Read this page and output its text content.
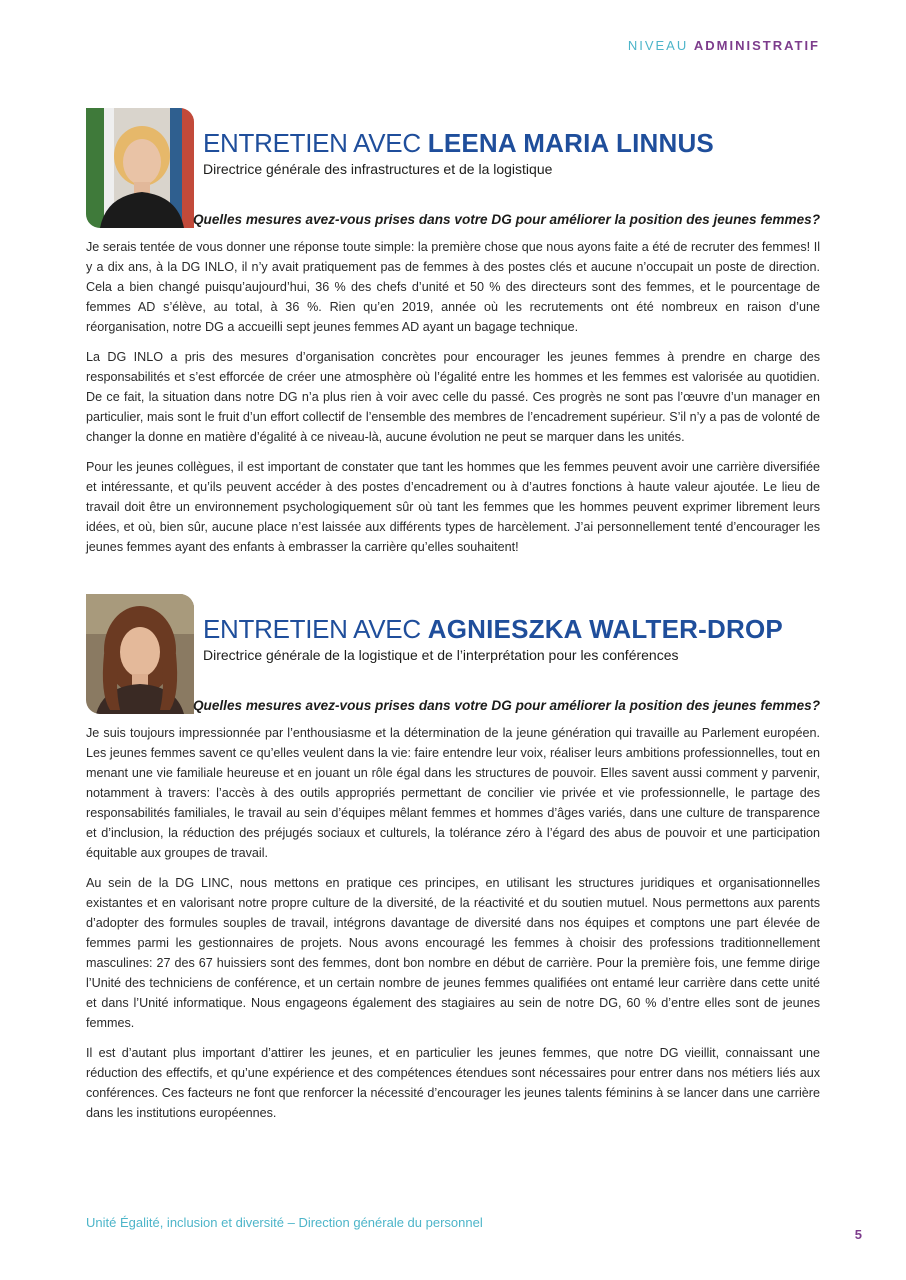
NIVEAU ADMINISTRATIF
ENTRETIEN AVEC LEENA MARIA LINNUS

Directrice générale des infrastructures et de la logistique

Quelles mesures avez-vous prises dans votre DG pour améliorer la position des jeunes femmes?

Je serais tentée de vous donner une réponse toute simple: la première chose que nous ayons faite a été de recruter des femmes! Il y a dix ans, à la DG INLO, il n’y avait pratiquement pas de femmes à des postes clés et aucune n’occupait un poste de direction. Cela a bien changé puisqu’aujourd’hui, 36 % des chefs d’unité et 50 % des directeurs sont des femmes, et le pourcentage de femmes AD s’élève, au total, à 36 %. Rien qu’en 2019, année où les recrutements ont été nombreux en raison d’une réorganisation, notre DG a accueilli sept jeunes femmes AD ayant un bagage technique.

La DG INLO a pris des mesures d’organisation concrètes pour encourager les jeunes femmes à prendre en charge des responsabilités et s’est efforcée de créer une atmosphère où l’égalité entre les hommes et les femmes est valorisée au quotidien. De ce fait, la situation dans notre DG n’a plus rien à voir avec celle du passé. Ces progrès ne sont pas l’œuvre d’un manager en particulier, mais sont le fruit d’un effort collectif de l’ensemble des membres de l’encadrement supérieur. S’il n’y a pas de volonté de changer la donne en matière d’égalité à ce niveau-là, aucune évolution ne peut se marquer dans les unités.

Pour les jeunes collègues, il est important de constater que tant les hommes que les femmes peuvent avoir une carrière diversifiée et intéressante, et qu’ils peuvent accéder à des postes d’encadrement ou à d’autres fonctions à haute valeur ajoutée. Le lieu de travail doit être un environnement psychologiquement sûr où tant les femmes que les hommes peuvent exprimer librement leurs idées, et où, bien sûr, aucune place n’est laissée aux différents types de harcèlement. J’ai personnellement tenté d’encourager les jeunes femmes ayant des enfants à embrasser la carrière qu’elles souhaitent!

ENTRETIEN AVEC AGNIESZKA WALTER-DROP

Directrice générale de la logistique et de l’interprétation pour les conférences

Quelles mesures avez-vous prises dans votre DG pour améliorer la position des jeunes femmes?

Je suis toujours impressionnée par l’enthousiasme et la détermination de la jeune génération qui travaille au Parlement européen. Les jeunes femmes savent ce qu’elles veulent dans la vie: faire entendre leur voix, réaliser leurs ambitions professionnelles, tout en menant une vie familiale heureuse et en jouant un rôle égal dans les structures de pouvoir. Elles savent aussi comment y parvenir, notamment à travers: l’accès à des outils appropriés permettant de concilier vie privée et vie professionnelle, le partage des responsabilités familiales, le travail au sein d’équipes mêlant femmes et hommes d’âges variés, dans une culture de transparence et d’inclusion, la réduction des préjugés sociaux et culturels, la tolérance zéro à l’égard des abus de pouvoir et une participation équitable aux groupes de travail.

Au sein de la DG LINC, nous mettons en pratique ces principes, en utilisant les structures juridiques et organisationnelles existantes et en valorisant notre propre culture de la diversité, de la réactivité et du soutien mutuel. Nous permettons aux parents d’adopter des formules souples de travail, intégrons davantage de diversité dans nos équipes et comptons une part élevée de femmes parmi les gestionnaires de projets. Nous avons encouragé les femmes à choisir des professions traditionnellement masculines: 27 des 67 huissiers sont des femmes, dont bon nombre en début de carrière. Pour la première fois, une femme dirige l’Unité des techniciens de conférence, et un certain nombre de jeunes femmes qualifiées ont entamé leur carrière dans cette unité et dans l’Unité informatique. Nous engageons également des stagiaires au sein de notre DG, 60 % d’entre elles sont de jeunes femmes.

Il est d’autant plus important d’attirer les jeunes, et en particulier les jeunes femmes, que notre DG vieillit, connaissant une réduction des effectifs, et qu’une expérience et des compétences étendues sont nécessaires pour entrer dans nos métiers liés aux conférences. Ces facteurs ne font que renforcer la nécessité d’encourager les jeunes talents féminins à se lancer dans une carrière dans les institutions européennes.

Unité Égalité, inclusion et diversité – Direction générale du personnel
5
